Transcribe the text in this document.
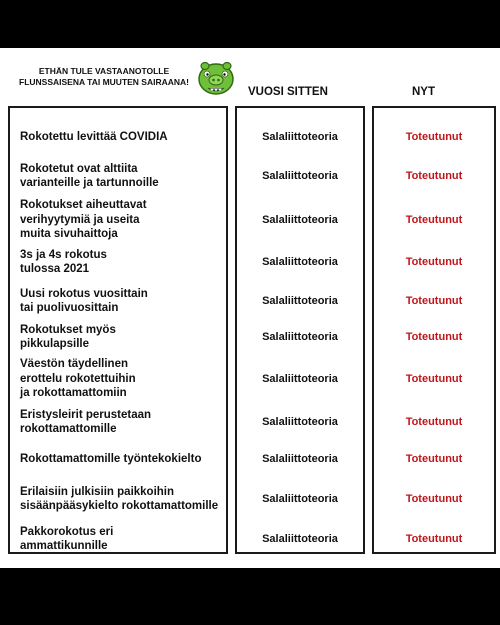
ETHÄN TULE VASTAANOTOLLE
FLUNSSAISENA TAI MUUTEN SAIRAANA!
VUOSI SITTEN	NYT
Rokotettu levittää COVIDIA
Rokotetut ovat alttiita
varianteille ja tartunnoille
Rokotukset aiheuttavat
verihyytymiä ja useita
muita sivuhaittoja
3s ja 4s rokotus
tulossa 2021
Uusi rokotus vuosittain
tai puolivuosittain
Rokotukset myös
pikkulapsille
Väestön täydellinen
erottelu rokotettuihin
ja rokottamattomiin
Eristysleirit perustetaan
rokottamattomille
Rokottamattomille työntekokielto
Erilaisiin julkisiin paikkoihin
sisäänpääsykielto rokottamattomille
Pakkorokotus eri
ammattikunnille
Salaliittoteoria
Salaliittoteoria
Salaliittoteoria
Salaliittoteoria
Salaliittoteoria
Salaliittoteoria
Salaliittoteoria
Salaliittoteoria
Salaliittoteoria
Salaliittoteoria
Salaliittoteoria
Toteutunut
Toteutunut
Toteutunut
Toteutunut
Toteutunut
Toteutunut
Toteutunut
Toteutunut
Toteutunut
Toteutunut
Toteutunut
